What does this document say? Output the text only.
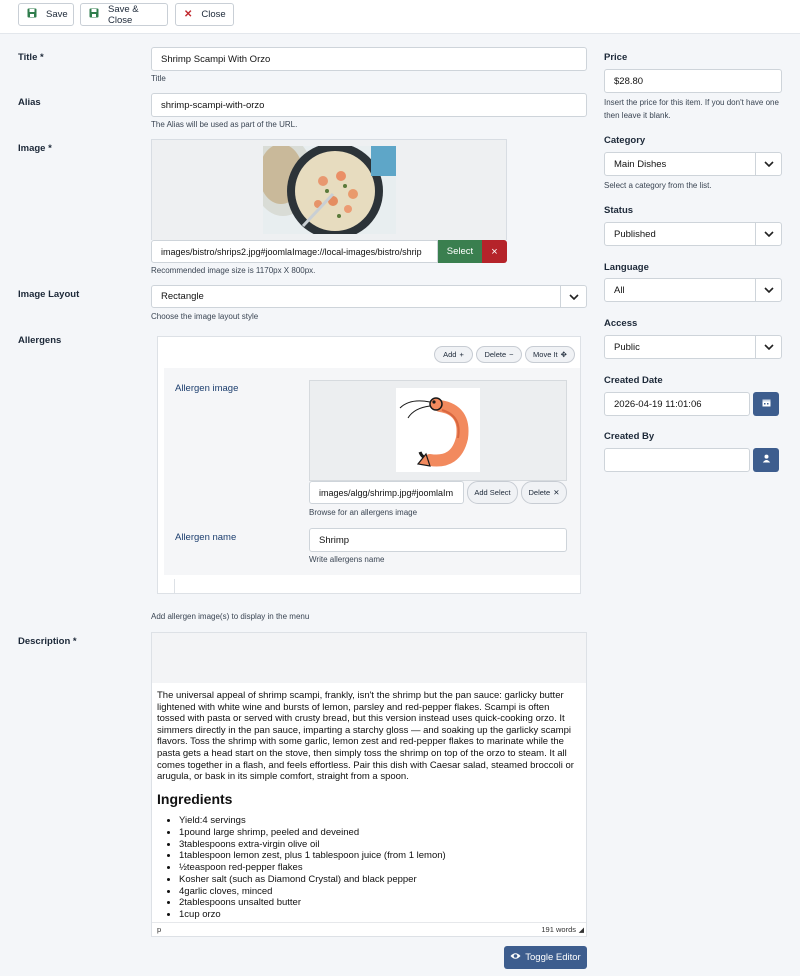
Save	Save & Close	✕ Close
Title *	Shrimp Scampi With Orzo
Title
Alias	shrimp-scampi-with-orzo
The Alias will be used as part of the URL.
Image *
images/bistro/shrips2.jpg#joomlaImage://local-images/bistro/shrip	Select	×
Recommended image size is 1170px X 800px.
Image Layout	Rectangle
Choose the image layout style
Allergens
Add +	Delete −	Move It ✥
Allergen image
images/algg/shrimp.jpg#joomlaIm	Add Select	Delete ✕
Browse for an allergens image
Allergen name	Shrimp
Write allergens name
Add allergen image(s) to display in the menu
Description *
p	191 words ◢

The universal appeal of shrimp scampi, frankly, isn't the shrimp but the pan sauce: garlicky butter lightened with white wine and bursts of lemon, parsley and red-pepper flakes. Scampi is often tossed with pasta or served with crusty bread, but this version instead uses quick-cooking orzo. It simmers directly in the pan sauce, imparting a starchy gloss — and soaking up the garlicky scampi flavors. Toss the shrimp with some garlic, lemon zest and red-pepper flakes to marinate while the pasta gets a head start on the stove, then simply toss the shrimp on top of the orzo to steam. It all comes together in a flash, and feels effortless. Pair this dish with Caesar salad, steamed broccoli or arugula, or bask in its simple comfort, straight from a spoon.

Ingredients
• Yield:4 servings
• 1pound large shrimp, peeled and deveined
• 3tablespoons extra-virgin olive oil
• 1tablespoon lemon zest, plus 1 tablespoon juice (from 1 lemon)
• ½teaspoon red-pepper flakes
• Kosher salt (such as Diamond Crystal) and black pepper
• 4garlic cloves, minced
• 2tablespoons unsalted butter
• 1cup orzo
Toggle Editor
Price
$28.80
Insert the price for this item. If you don't have one then leave it blank.
Category
Main Dishes
Select a category from the list.
Status
Published
Language
All
Access
Public
Created Date
2026-04-19 11:01:06
Created By
